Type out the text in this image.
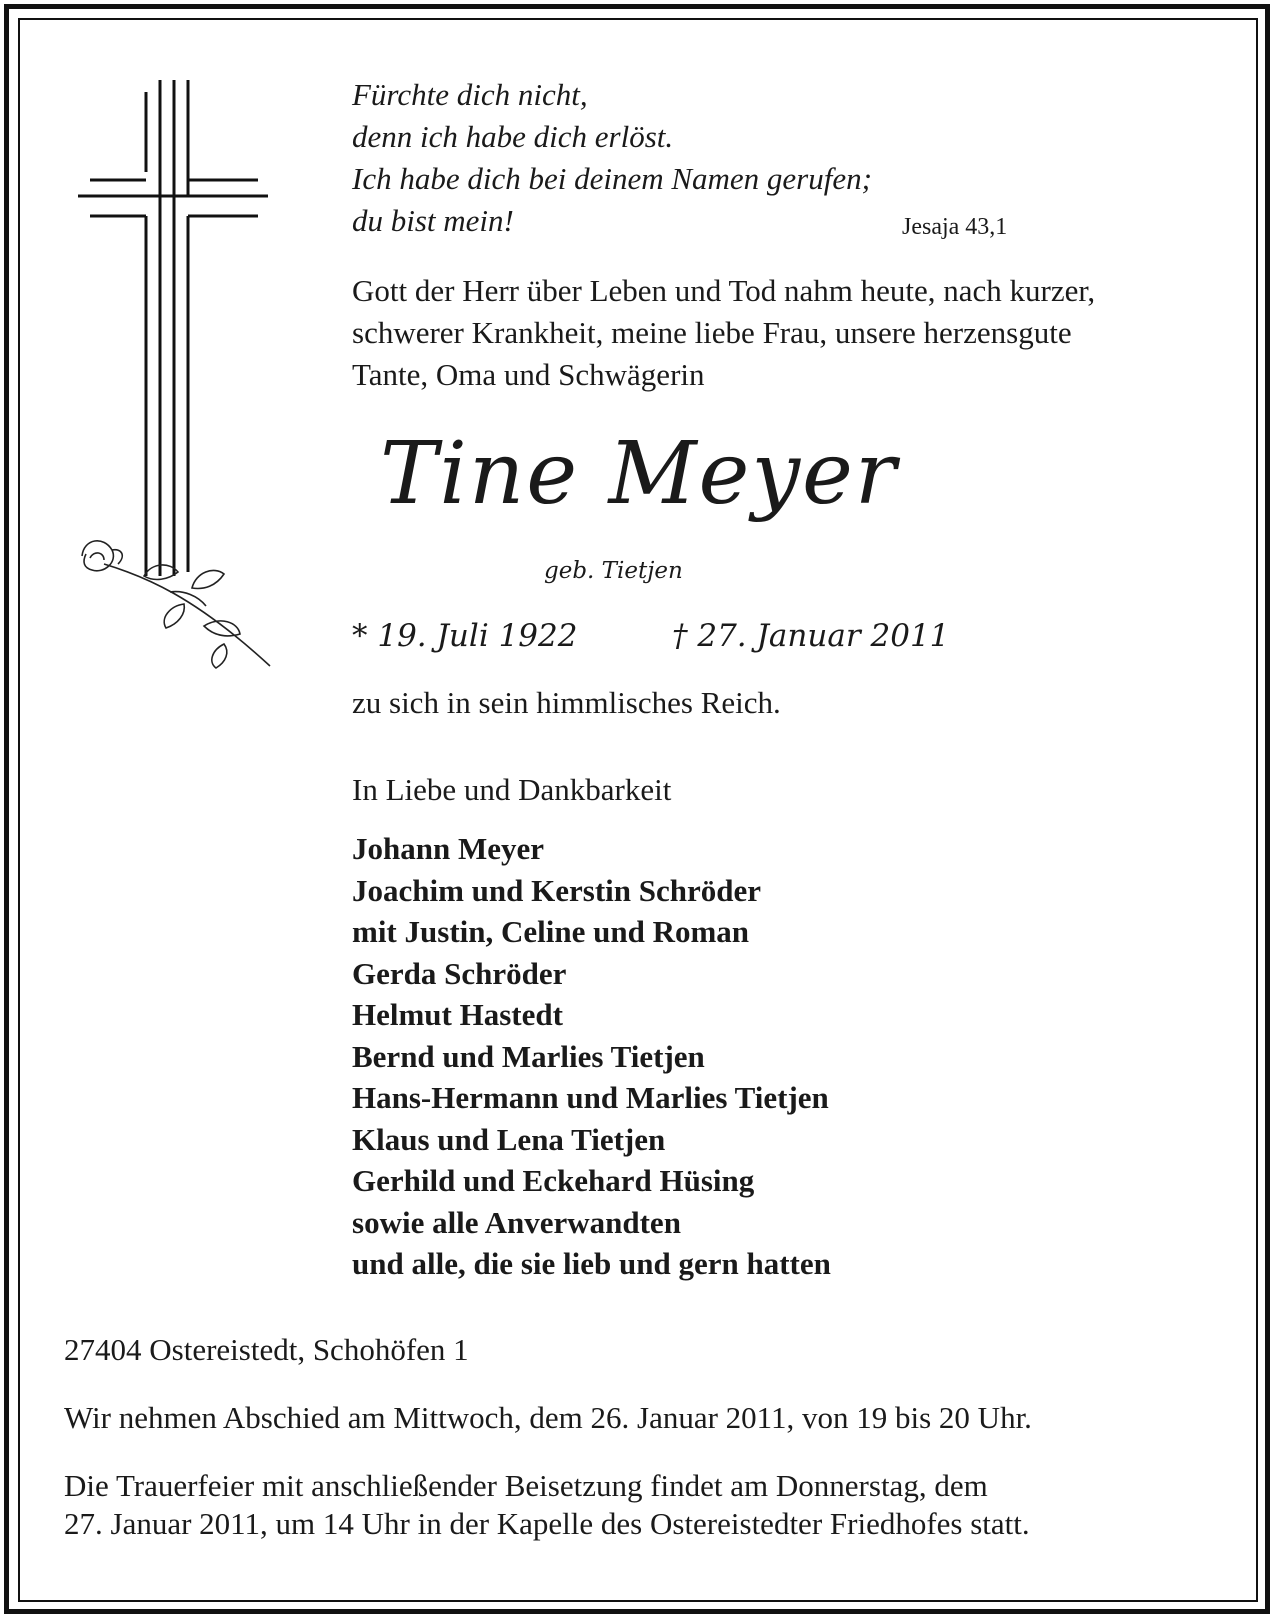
Fürchte dich nicht,
denn ich habe dich erlöst.
Ich habe dich bei deinem Namen gerufen;
du bist mein!	Jesaja 43,1
Gott der Herr über Leben und Tod nahm heute, nach kurzer,
schwerer Krankheit, meine liebe Frau, unsere herzensgute
Tante, Oma und Schwägerin
Tine Meyer
geb. Tietjen
* 19. Juli 1922	† 27. Januar 2011
zu sich in sein himmlisches Reich.
In Liebe und Dankbarkeit
Johann Meyer
Joachim und Kerstin Schröder
mit Justin, Celine und Roman
Gerda Schröder
Helmut Hastedt
Bernd und Marlies Tietjen
Hans-Hermann und Marlies Tietjen
Klaus und Lena Tietjen
Gerhild und Eckehard Hüsing
sowie alle Anverwandten
und alle, die sie lieb und gern hatten
27404 Ostereistedt, Schohöfen 1
Wir nehmen Abschied am Mittwoch, dem 26. Januar 2011, von 19 bis 20 Uhr.
Die Trauerfeier mit anschließender Beisetzung findet am Donnerstag, dem
27. Januar 2011, um 14 Uhr in der Kapelle des Ostereistedter Friedhofes statt.
